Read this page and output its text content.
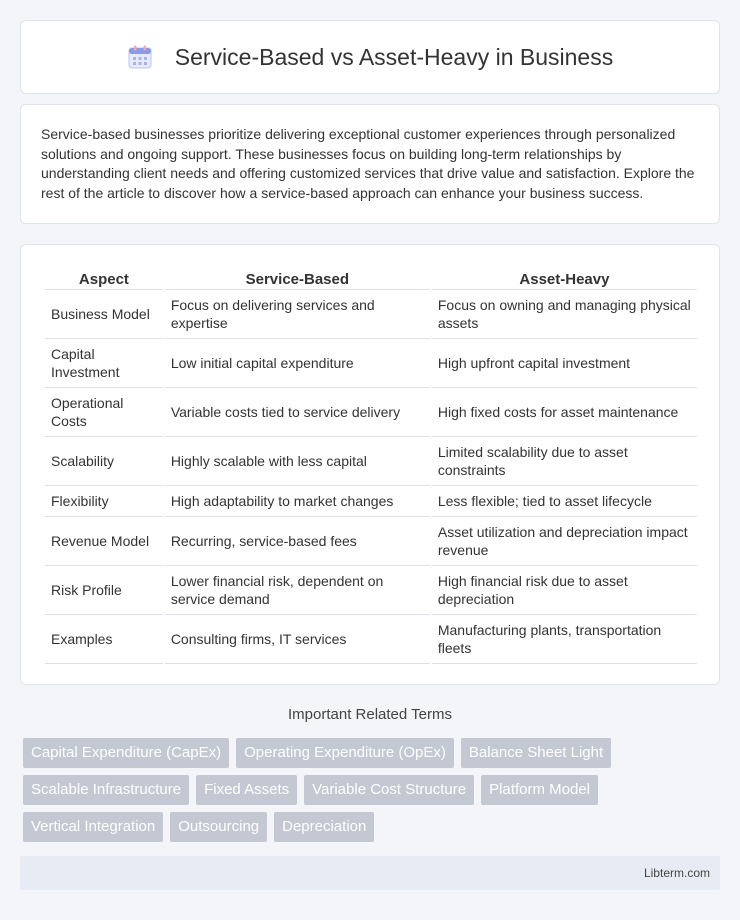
Service-Based vs Asset-Heavy in Business

Service-based businesses prioritize delivering exceptional customer experiences through personalized solutions and ongoing support. These businesses focus on building long-term relationships by understanding client needs and offering customized services that drive value and satisfaction. Explore the rest of the article to discover how a service-based approach can enhance your business success.

Aspect	Service-Based	Asset-Heavy
Business Model	Focus on delivering services and expertise	Focus on owning and managing physical assets
Capital Investment	Low initial capital expenditure	High upfront capital investment
Operational Costs	Variable costs tied to service delivery	High fixed costs for asset maintenance
Scalability	Highly scalable with less capital	Limited scalability due to asset constraints
Flexibility	High adaptability to market changes	Less flexible; tied to asset lifecycle
Revenue Model	Recurring, service-based fees	Asset utilization and depreciation impact revenue
Risk Profile	Lower financial risk, dependent on service demand	High financial risk due to asset depreciation
Examples	Consulting firms, IT services	Manufacturing plants, transportation fleets
Important Related Terms
Capital Expenditure (CapEx)	Operating Expenditure (OpEx)	Balance Sheet Light
Scalable Infrastructure	Fixed Assets	Variable Cost Structure	Platform Model
Vertical Integration	Outsourcing	Depreciation
Libterm.com
